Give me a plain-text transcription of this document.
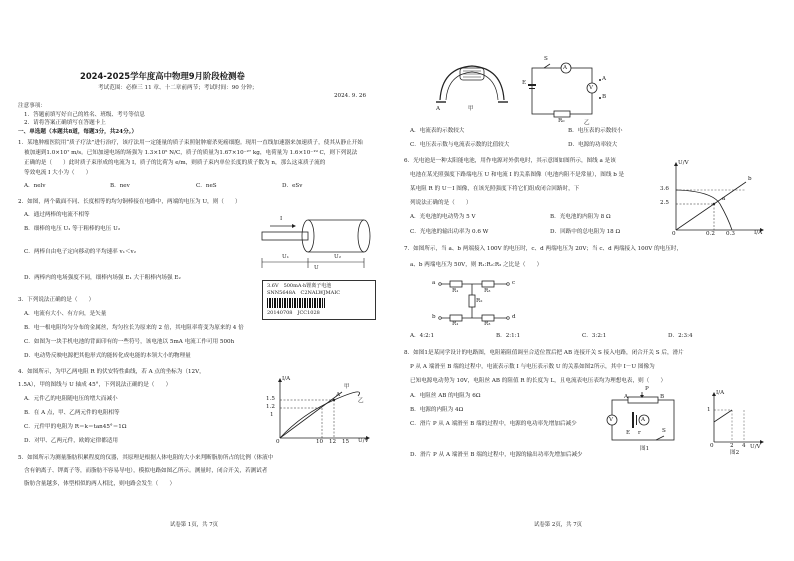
2024-2025学年度高中物理9月阶段检测卷
考试范围：必修三 11 章、十二章前两节；考试时间：90 分钟；
2024. 9. 26
注意事项：
1．答题前填写好自己的姓名、班级、考号等信息
2．请将答案正确填写在答题卡上
一、单选题（本题共8道，每题3分，共24分。）
1．某地肿瘤医院用“质子疗法”进行治疗，该疗法用一定能量的质子束照射肿瘤杀死癌细胞。现用一直线加速器来加速质子，使其从静止开始
被加速到1.0×10⁷ m/s。已知加速电场的场强为 1.3×10⁵ N/C，质子的质量为1.67×10⁻²⁷ kg，电荷量为 1.6×10⁻¹⁹ C，则下列说法
正确的是（　　）此时质子束形成的电流为 I，质子的比荷为 e/m，则质子束内单位长度的质子数为 n，那么这束质子流的
等效电流 I 大小为（　　）
A．nelv	B．nev	C．neS	D．eSv
2．如图，两个截面不同、长度相等的均匀铜棒接在电路中，两端的电压为 U，则（　　）
A．通过两棒的电流不相等
B．细棒的电压 U₁ 等于粗棒的电压 U₂
C．两棒自由电子定向移动的平均速率 v₁＜v₂
D．两棒内的电场强度不同，细棒内场强 E₁ 大于粗棒内场强 E₂
I
U₁	U₂
U
3.6V　500mA·h锂离子电池
SNN5648A　C2NALWJMAIC
20140708　JCC1028
3．下列说法正确的是（　　）
A．电流有大小、有方向，是矢量
B．电一根电阻均匀分布的金属丝，均匀拉长为原来的 2 倍，其电阻率将变为原来的 4 倍
C．如图为一块手机电池的背面印有的一些符号，该电池以 5mA 电流工作可用 500h
D．电动势反映电源把其他形式的能转化成电能的本领大小的物理量
4．如图所示，为甲乙两电阻 R 的伏安特性曲线，若 A 点的坐标为（12V，
1.5A），甲的图线与 U 轴成 45°，下列说法正确的是（　　）
A．元件乙的电阻随电压的增大而减小
B．在 A 点，甲、乙两元件的电阻相等
C．元件甲的电阻为 R＝k＝tan45°＝1Ω
D．对甲、乙两元件，欧姆定律都适用
I/A
U/V
A
甲
乙
1.5
1.2
1
0	10 12 15
5．如图所示为测量脂肪积累程度的仪器，其原理是根据人体电阻的大小来判断脂肪所占的比例（体液中
含有钠离子、钾离子等，而脂肪不容易导电），模拟电路如图乙所示。测量时，闭合开关，若测试者
脂肪含量越多，体型相似的两人相比，则电路会发生（　　）
试卷第 1页，共 7页
A	甲
S
E
A
V
A
B
R₀	乙
A．电流表的示数较大	B．电压表的示数较小
C．电压表示数与电流表示数的比值较大	D．电源的功率较大
6．光电池是一种太阳能电池，用作电源对外供电时，其示意图如图所示，图线 a 是该
电池在某光照强度下路端电压 U 和电流 I 的关系图像（电池内阻不是常量），图线 b 是
某电阻 R 的 U－I 图像，在该光照强度下将它们组成闭合回路时，下
列说法正确的是（　　）
A．光电池的电动势为 5 V	B．光电池的内阻为 8 Ω
C．光电池的输出功率为 0.6 W	D．回路中的总电阻为 18 Ω
U/V
I/A
3.6
2.5
0	0.2 0.3
b
a
7．如图所示，当 a、b 两端接入 100V 的电压时，c、d 两端电压为 20V；当 c、d 两端接入 100V 的电压时，
a、b 两端电压为 50V，则 R₁:R₂:R₃ 之比是（　　）
a
b
c
d
R₁	R₃
R₂
R₁	R₃
A．4:2:1	B．2:1:1	C．3:2:1	D．2:3:4
8．如图1是某同学设计的电路图，电阻箱阻值调至合适位置后把 AB 连接开关 S 接入电路，闭合开关 S 后，滑片
P 从 A 端滑至 B 端的过程中，电流表示数 I 与电压表示数 U 的关系如图2所示，其中 I－U 图像为
已知电源电动势为 10V，电阻丝 AB 的阻值 R 的长度为 L，且电流表电压表均为理想电表，则（　　）
A．电阻丝 AB 的电阻为 6Ω
B．电源的内阻为 4Ω
C．滑片 P 从 A 端滑至 B 端的过程中，电源的电功率先增加后减少
D．滑片 P 从 A 端滑至 B 端的过程中，电源的输出功率先增加后减少
A	B
P
V	A
E r	S
图1
I/A
U/V
1
0	2 4
图2
试卷第 2页，共 7页
